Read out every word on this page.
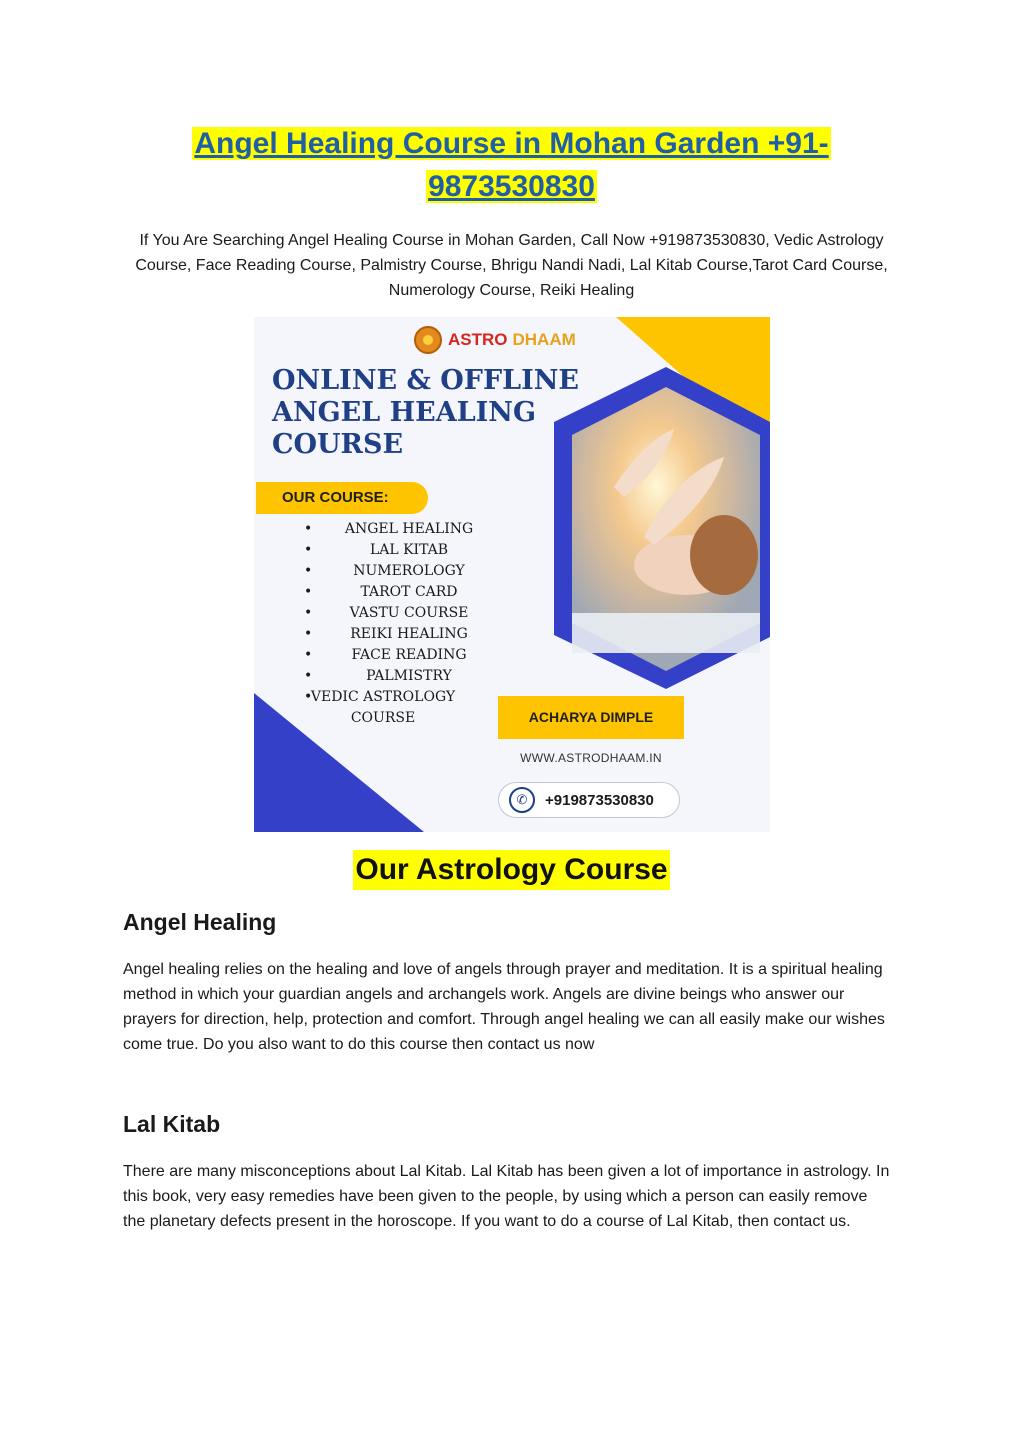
Angel Healing Course in Mohan Garden +91-9873530830
If You Are Searching Angel Healing Course in Mohan Garden, Call Now +919873530830, Vedic Astrology Course, Face Reading Course, Palmistry Course, Bhrigu Nandi Nadi, Lal Kitab Course,Tarot Card Course, Numerology Course, Reiki Healing
ASTRO DHAAM
ONLINE & OFFLINE
ANGEL HEALING
COURSE
OUR COURSE:
• ANGEL HEALING
•	LAL KITAB
•	NUMEROLOGY
•	TAROT CARD
•	VASTU COURSE
•	REIKI HEALING
•	FACE READING
•	PALMISTRY
•
VEDIC ASTROLOGY COURSE	ACHARYA DIMPLE
WWW.ASTRODHAAM.IN
✆	+919873530830
Our Astrology Course
Angel Healing

Angel healing relies on the healing and love of angels through prayer and meditation. It is a spiritual healing method in which your guardian angels and archangels work. Angels are divine beings who answer our prayers for direction, help, protection and comfort. Through angel healing we can all easily make our wishes come true. Do you also want to do this course then contact us now

Lal Kitab

There are many misconceptions about Lal Kitab. Lal Kitab has been given a lot of importance in astrology. In this book, very easy remedies have been given to the people, by using which a person can easily remove the planetary defects present in the horoscope. If you want to do a course of Lal Kitab, then contact us.
